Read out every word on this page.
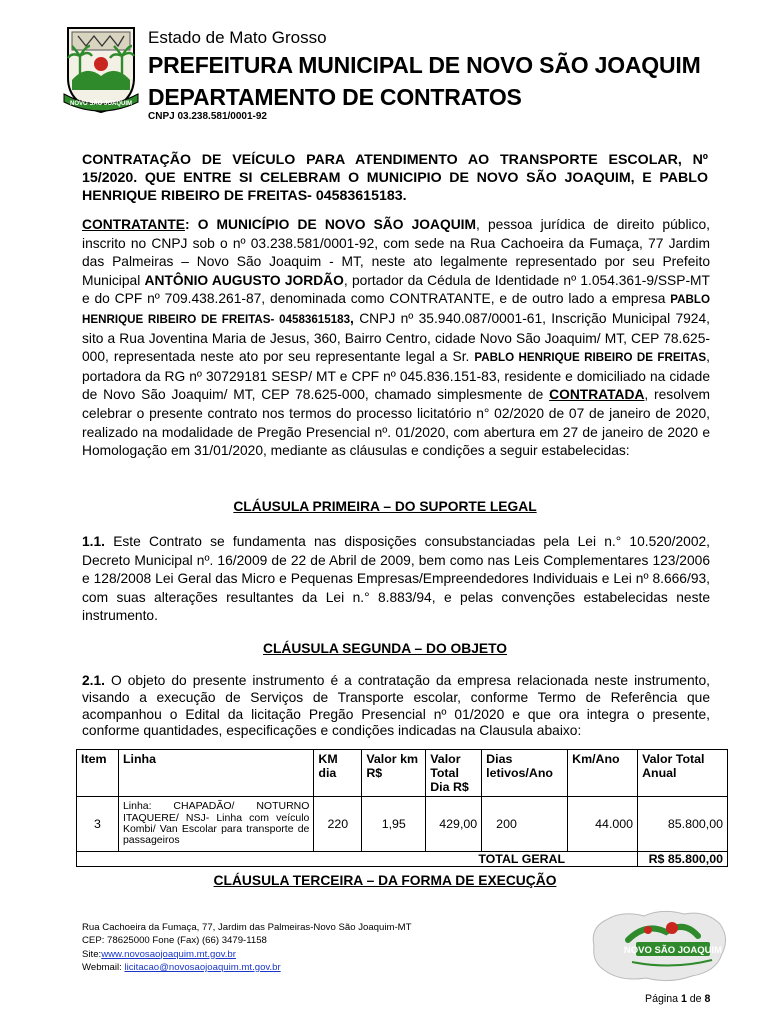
NOVO SÃO JOAQUIM
Estado de Mato Grosso
PREFEITURA MUNICIPAL DE NOVO SÃO JOAQUIM
DEPARTAMENTO DE CONTRATOS
CNPJ 03.238.581/0001-92
CONTRATAÇÃO DE VEÍCULO PARA ATENDIMENTO AO TRANSPORTE ESCOLAR, Nº 15/2020. QUE ENTRE SI CELEBRAM O MUNICIPIO DE NOVO SÃO JOAQUIM, E PABLO HENRIQUE RIBEIRO DE FREITAS- 04583615183.
CONTRATANTE: O MUNICÍPIO DE NOVO SÃO JOAQUIM, pessoa jurídica de direito público, inscrito no CNPJ sob o nº 03.238.581/0001-92, com sede na Rua Cachoeira da Fumaça, 77 Jardim das Palmeiras – Novo São Joaquim - MT, neste ato legalmente representado por seu Prefeito Municipal ANTÔNIO AUGUSTO JORDÃO, portador da Cédula de Identidade nº 1.054.361-9/SSP-MT e do CPF nº 709.438.261-87, denominada como CONTRATANTE, e de outro lado a empresa PABLO HENRIQUE RIBEIRO DE FREITAS- 04583615183, CNPJ nº 35.940.087/0001-61, Inscrição Municipal 7924, sito a Rua Joventina Maria de Jesus, 360, Bairro Centro, cidade Novo São Joaquim/ MT, CEP 78.625-000, representada neste ato por seu representante legal a Sr. PABLO HENRIQUE RIBEIRO DE FREITAS, portadora da RG nº 30729181 SESP/ MT e CPF nº 045.836.151-83, residente e domiciliado na cidade de Novo São Joaquim/ MT, CEP 78.625-000, chamado simplesmente de CONTRATADA, resolvem celebrar o presente contrato nos termos do processo licitatório n° 02/2020 de 07 de janeiro de 2020, realizado na modalidade de Pregão Presencial nº. 01/2020, com abertura em 27 de janeiro de 2020 e Homologação em 31/01/2020, mediante as cláusulas e condições a seguir estabelecidas:
CLÁUSULA PRIMEIRA – DO SUPORTE LEGAL
1.1. Este Contrato se fundamenta nas disposições consubstanciadas pela Lei n.° 10.520/2002, Decreto Municipal nº. 16/2009 de 22 de Abril de 2009, bem como nas Leis Complementares 123/2006 e 128/2008 Lei Geral das Micro e Pequenas Empresas/Empreendedores Individuais e Lei nº 8.666/93, com suas alterações resultantes da Lei n.° 8.883/94, e pelas convenções estabelecidas neste instrumento.
CLÁUSULA SEGUNDA – DO OBJETO
2.1. O objeto do presente instrumento é a contratação da empresa relacionada neste instrumento, visando a execução de Serviços de Transporte escolar, conforme Termo de Referência que acompanhou o Edital da licitação Pregão Presencial nº 01/2020 e que ora integra o presente, conforme quantidades, especificações e condições indicadas na Clausula abaixo:
Item	Linha	KM dia	Valor km R$	Valor Total Dia R$	Dias letivos/Ano	Km/Ano	Valor Total Anual
3	Linha: CHAPADÃO/ NOTURNO ITAQUERE/ NSJ- Linha com veículo Kombi/ Van Escolar para transporte de passageiros	220	1,95	429,00	200	44.000	85.800,00
TOTAL GERAL							R$ 85.800,00
CLÁUSULA TERCEIRA – DA FORMA DE EXECUÇÃO
Rua Cachoeira da Fumaça, 77, Jardim das Palmeiras-Novo São Joaquim-MT
CEP: 78625000 Fone (Fax) (66) 3479-1158
Site:www.novosaojoaquim.mt.gov.br
Webmail: licitacao@novosaojoaquim.mt.gov.br
NOVO SÃO JOAQUIM
Página 1 de 8
